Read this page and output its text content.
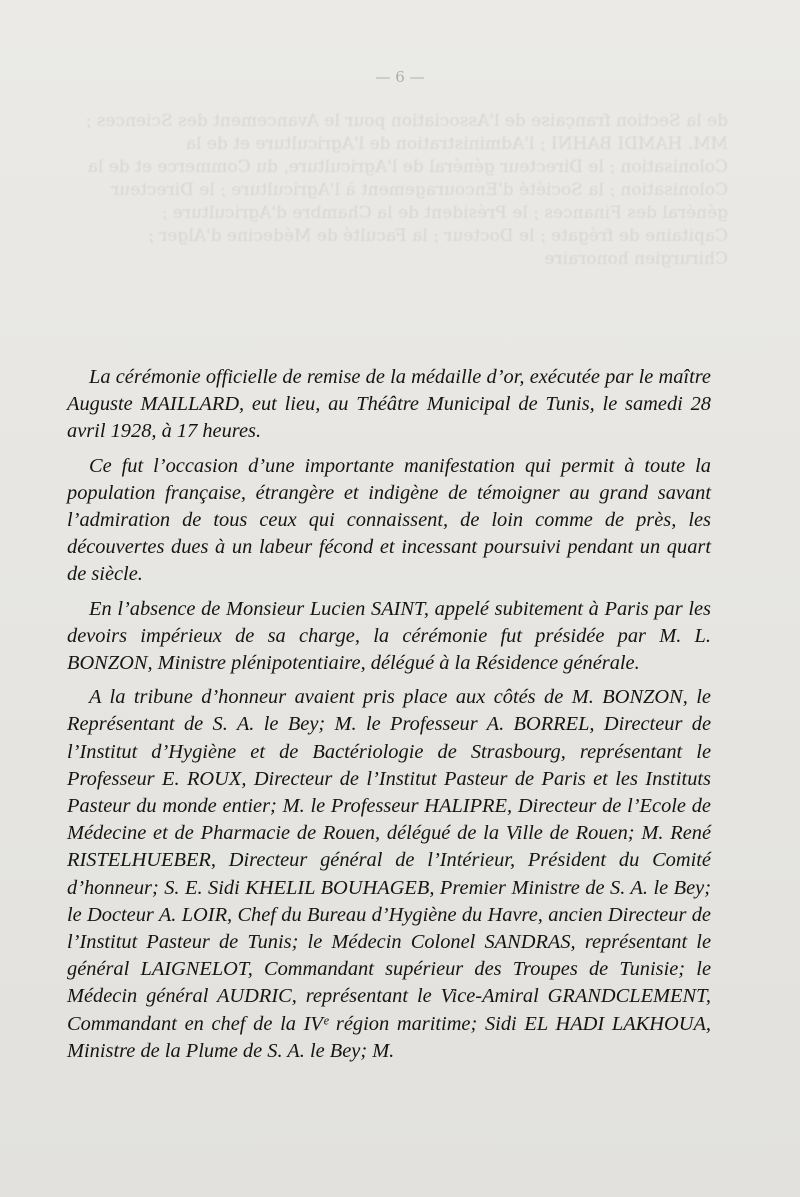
de la Section française de l'Association pour le Avancement des Sciences ; MM. HAMDI BAHNI ; l'Administration de l'Agriculture et de la Colonisation ; le Directeur général de l'Agriculture, du Commerce et de la Colonisation ; la Société d'Encouragement à l'Agriculture ; le Directeur général des Finances ; le Président de la Chambre d'Agriculture ; Capitaine de frégate ; le Docteur ; la Faculté de Médecine d'Alger ; Chirurgien honoraire
— 6 —

La cérémonie officielle de remise de la médaille d’or, exécutée par le maître Auguste MAILLARD, eut lieu, au Théâtre Municipal de Tunis, le samedi 28 avril 1928, à 17 heures.

Ce fut l’occasion d’une importante manifestation qui permit à toute la population française, étrangère et indigène de témoigner au grand savant l’admiration de tous ceux qui connaissent, de loin comme de près, les découvertes dues à un labeur fécond et incessant poursuivi pendant un quart de siècle.

En l’absence de Monsieur Lucien SAINT, appelé subitement à Paris par les devoirs impérieux de sa charge, la cérémonie fut présidée par M. L. BONZON, Ministre plénipotentiaire, délégué à la Résidence générale.

A la tribune d’honneur avaient pris place aux côtés de M. BONZON, le Représentant de S. A. le Bey; M. le Professeur A. BORREL, Directeur de l’Institut d’Hygiène et de Bactériologie de Strasbourg, représentant le Professeur E. ROUX, Directeur de l’Institut Pasteur de Paris et les Instituts Pasteur du monde entier; M. le Professeur HALIPRE, Directeur de l’Ecole de Médecine et de Pharmacie de Rouen, délégué de la Ville de Rouen; M. René RISTELHUEBER, Directeur général de l’Intérieur, Président du Comité d’honneur; S. E. Sidi KHELIL BOUHAGEB, Premier Ministre de S. A. le Bey; le Docteur A. LOIR, Chef du Bureau d’Hygiène du Havre, ancien Directeur de l’Institut Pasteur de Tunis; le Médecin Colonel SANDRAS, représentant le général LAIGNELOT, Commandant supérieur des Troupes de Tunisie; le Médecin général AUDRIC, représentant le Vice-Amiral GRANDCLEMENT, Commandant en chef de la IVᵉ région maritime; Sidi EL HADI LAKHOUA, Ministre de la Plume de S. A. le Bey; M.
